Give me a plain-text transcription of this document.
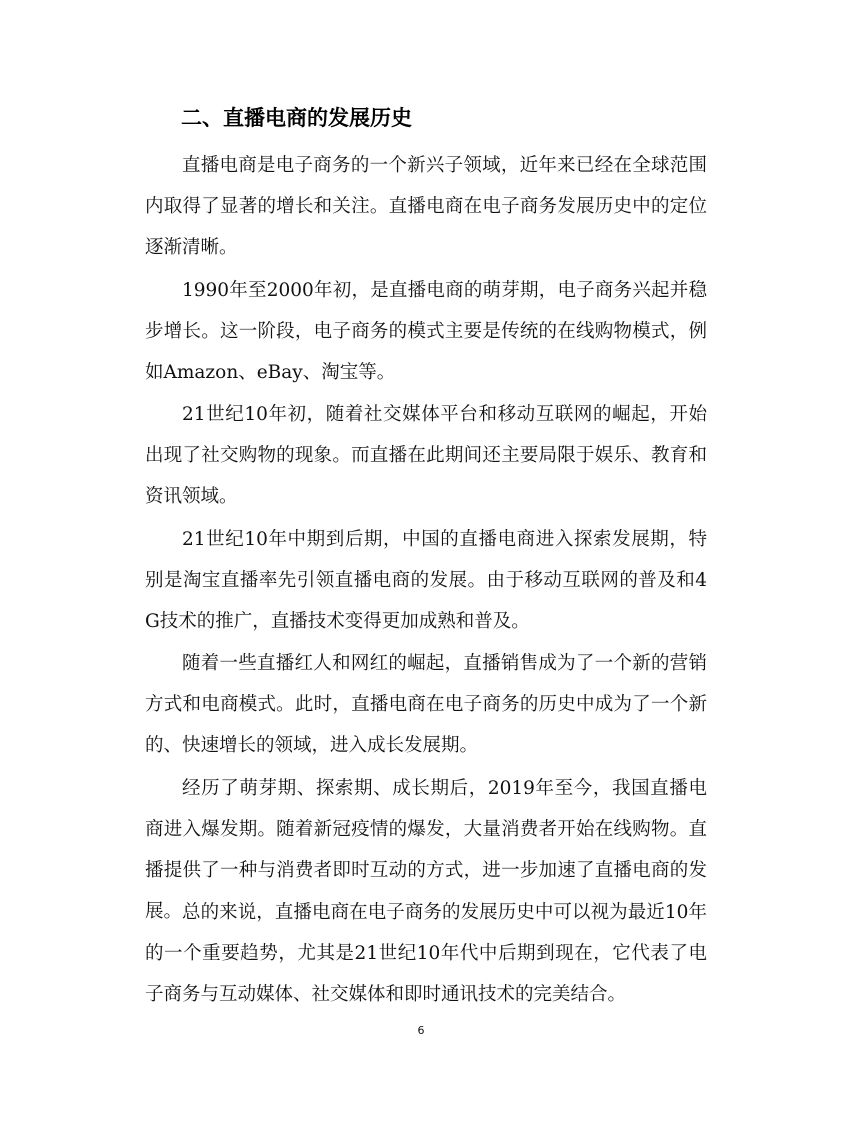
二、直播电商的发展历史

直播电商是电子商务的一个新兴子领域，近年来已经在全球范围内取得了显著的增长和关注。直播电商在电子商务发展历史中的定位逐渐清晰。

1990年至2000年初，是直播电商的萌芽期，电子商务兴起并稳步增长。这一阶段，电子商务的模式主要是传统的在线购物模式，例如Amazon、eBay、淘宝等。

21世纪10年初，随着社交媒体平台和移动互联网的崛起，开始出现了社交购物的现象。而直播在此期间还主要局限于娱乐、教育和资讯领域。

21世纪10年中期到后期，中国的直播电商进入探索发展期，特别是淘宝直播率先引领直播电商的发展。由于移动互联网的普及和4G技术的推广，直播技术变得更加成熟和普及。

随着一些直播红人和网红的崛起，直播销售成为了一个新的营销方式和电商模式。此时，直播电商在电子商务的历史中成为了一个新的、快速增长的领域，进入成长发展期。

经历了萌芽期、探索期、成长期后，2019年至今，我国直播电商进入爆发期。随着新冠疫情的爆发，大量消费者开始在线购物。直播提供了一种与消费者即时互动的方式，进一步加速了直播电商的发展。 总的来说，直播电商在电子商务的发展历史中可以视为最近10年的一个重要趋势，尤其是21世纪10年代中后期到现在，它代表了电子商务与互动媒体、社交媒体和即时通讯技术的完美结合。

6
